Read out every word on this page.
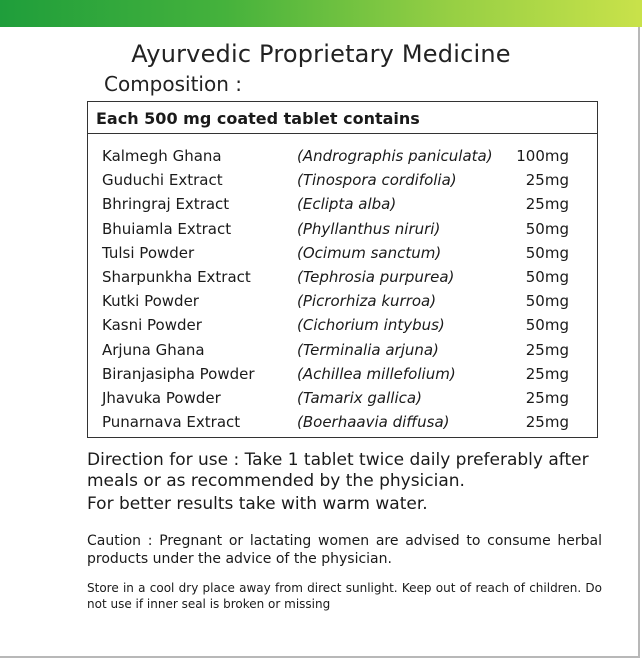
Ayurvedic Proprietary Medicine
Composition :
Each 500 mg coated tablet contains
Kalmegh Ghana	(Andrographis paniculata) 100mg
Guduchi Extract	(Tinospora cordifolia)	25mg
Bhringraj Extract	(Eclipta alba)	25mg
Bhuiamla Extract	(Phyllanthus niruri)	50mg
Tulsi Powder	(Ocimum sanctum)	50mg
Sharpunkha Extract	(Tephrosia purpurea)	50mg
Kutki Powder	(Picrorhiza kurroa)	50mg
Kasni Powder	(Cichorium intybus)	50mg
Arjuna Ghana	(Terminalia arjuna)	25mg
Biranjasipha Powder	(Achillea millefolium)	25mg
Jhavuka Powder	(Tamarix gallica)	25mg
Punarnava Extract	(Boerhaavia diffusa)	25mg
Direction for use : Take 1 tablet twice daily preferably after meals or as recommended by the physician.
For better results take with warm water.
Caution : Pregnant or lactating women are advised to consume herbal products under the advice of the physician.
Store in a cool dry place away from direct sunlight. Keep out of reach of children. Do not use if inner seal is broken or missing
